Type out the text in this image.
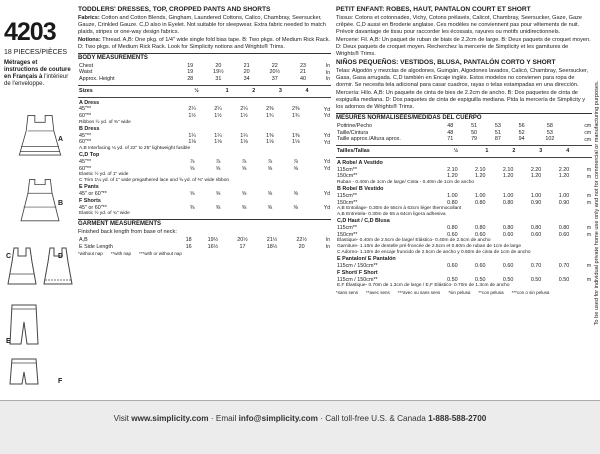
4203
18 PIECES/PIÈCES
Métrages et instructions de couture en Français à l'intérieur de l'enveloppe.
A
B
C	D
E
F
TODDLERS' DRESSES, TOP, CROPPED PANTS AND SHORTS

Fabrics: Cotton and Cotton Blends, Gingham, Laundered Cottons, Calico, Chambray, Seersucker, Gauze, Crinkled Gauze. C,D also in Eyelet. Not suitable for sleepwear. Extra fabric needed to match plaids, stripes or one-way design fabrics.

Notions: Thread. A,B: One pkg. of 1/4" wide single fold bias tape. B: Two pkgs. of Medium Rick Rack. D: Two pkgs. of Medium Rick Rack. Look for Simplicity notions and Wrights® Trims.

BODY MEASUREMENTS
Chest	19	20	21	22	23	In
Waist	19	19½	20	20½	21	In
Approx. Height	28	31	34	37	40	In
Sizes	½	1	2	3	4	
A Dress						
45"**	2¼	2¼	2¼	2⅜	2⅜	Yd
60"**	1½	1½	1½	1¾	1¾	Yd
Ribbon ½ yd. of ⅜" wide						
B Dress						
45"**	1¼	1¼	1¼	1⅜	1⅜	Yd
60"**	1⅛	1⅛	1⅛	1⅛	1⅛	Yd
A,B Interfacing ⅛ yd. of 22" to 25" lightweight fusible						
C,D Top						
45"**	⅞	⅞	⅞	⅞	⅞	Yd
60"**	⅝	⅝	⅝	⅝	⅝	Yd
Elastic ½ yd. of 1" wide						
C Trim 1¼ yd. of 1" wide pregathered lace and ⅝ yd. of ⅜" wide ribbon						
E Pants						
45" or 60"**	⅝	⅝	⅝	⅝	⅝	Yd
F Shorts						
45" or 60"**	⅜	⅜	⅜	⅜	⅜	Yd
Elastic ½ yd. of ¾" wide						
GARMENT MEASUREMENTS

Finished back length from base of neck:

A,B	18	19½	20½	21½	22½	In
E Side Length	16	16½	17	18½	20	In
*without nap **with nap ***with or without nap
PETIT ENFANT: ROBES, HAUT, PANTALON COURT ET SHORT

Tissus: Cotons et cotonnades, Vichy, Cotons prélavés, Calicot, Chambray, Seersucker, Gaze, Gaze crêpée. C,D aussi en Broderie anglaise. Ces modèles ne conviennent pas pour vêtements de nuit. Prévoir davantage de tissu pour raccorder les écossais, rayures ou motifs unidirectionnels.

Mercerie: Fil. A,B: Un paquet de ruban de biais de 2.2cm de large. B: Deux paquets de croquet moyen. D: Deux paquets de croquet moyen. Recherchez la mercerie de Simplicity et les garnitures de Wrights® Trims.

NIÑOS PEQUEÑOS: VESTIDOS, BLUSA, PANTALÓN CORTO Y SHORT

Telas: Algodón y mezclas de algodones, Guingán, Algodones lavados, Calicó, Chambray, Seersucker, Gasa, Gasa arrugada. C,D también en Encaje inglés. Estos modelos no convienen para ropa de dormir. Se necesita tela adicional para casar cuadros, rayas o telas estampadas en una dirección.

Mercería: Hilo. A,B: Un paquete de cinta de bies de 2.2cm de ancho. B: Dos paquetes de cinta de espiguilla mediana. D: Dos paquetes de cinta de espiguilla mediana. Pida la mercería de Simplicity y los adornos de Wrights® Trims.

MESURES NORMALISÉES/MEDIDAS DEL CUERPO
Poitrine/Pecho	48	51	53	56	58	cm
Taille/Cintura	48	50	51	52	53	cm
Taille approx./Altura aprox.	71	79	87	94	102	cm
Tailles/Tallas	½	1	2	3	4	
A Robe/ A Vestido						
115cm**	2.10	2.10	2.10	2.20	2.20	m
150cm**	1.20	1.20	1.20	1.20	1.20	m
Ruban - 0.40m de 1cm de large/ Cinta - 0.40m de 1cm de ancho						
B Robe/ B Vestido						
115cm**	1.00	1.00	1.00	1.00	1.00	m
150cm**	0.80	0.80	0.80	0.90	0.90	m
A,B Entoilage- 0.30m de 55cm à 63cm léger thermocollant						
A,B Entretela- 0.30m de 55 a 64cm ligera adhesiva						
C,D Haut / C,D Blusa						
115cm**	0.80	0.80	0.80	0.80	0.80	m
150cm**	0.60	0.60	0.60	0.60	0.60	m
Élastique- 0.40m de 2.5cm de large/ Elástico- 0.40m de 2.5cm de ancho						
Garniture- 1.10m de dentelle pré-froncée de 2.5cm et 0.60m de ruban de 1cm de large						
C Adorno- 1.10m de encaje fruncido de 2.5cm de ancho y 0.60m de cinta de 1cm de ancho						
E Pantalon/ E Pantalón						
115cm / 150cm**	0.60	0.60	0.60	0.70	0.70	m
F Short/ F Short						
115cm / 150cm**	0.50	0.50	0.50	0.50	0.50	m
E,F Élastique- 0.70m de 1.3cm de large / E,F Elástico- 0.70m de 1.3cm de ancho						
*sans sens **avec sens ***avec ou sans sens *sin pelusa **con pelusa ***con o sin pelusa	To be used for individual private home use only and not for commercial or manufacturing purposes.
Visit www.simplicity.com · Email info@simplicity.com · Call toll-free U.S. & Canada 1-888-588-2700
